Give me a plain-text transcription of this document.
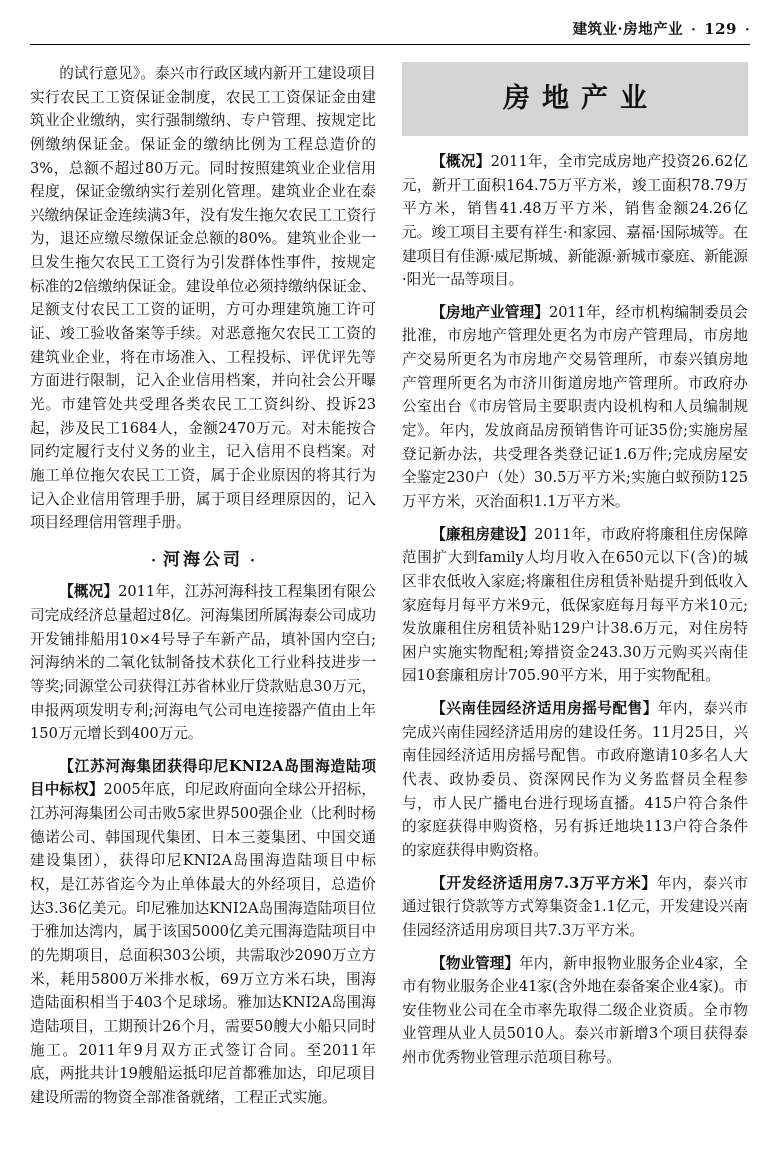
建筑业·房地产业 · 129 ·

的试行意见》。泰兴市行政区域内新开工建设项目实行农民工工资保证金制度，农民工工资保证金由建筑业企业缴纳，实行强制缴纳、专户管理、按规定比例缴纳保证金。保证金的缴纳比例为工程总造价的3%，总额不超过80万元。同时按照建筑业企业信用程度，保证金缴纳实行差别化管理。建筑业企业在泰兴缴纳保证金连续满3年，没有发生拖欠农民工工资行为，退还应缴尽缴保证金总额的80%。建筑业企业一旦发生拖欠农民工工资行为引发群体性事件，按规定标准的2倍缴纳保证金。建设单位必须持缴纳保证金、足额支付农民工工资的证明，方可办理建筑施工许可证、竣工验收备案等手续。对恶意拖欠农民工工资的建筑业企业，将在市场准入、工程投标、评优评先等方面进行限制，记入企业信用档案，并向社会公开曝光。市建管处共受理各类农民工工资纠纷、投诉23起，涉及民工1684人，金额2470万元。对未能按合同约定履行支付义务的业主，记入信用不良档案。对施工单位拖欠农民工工资，属于企业原因的将其行为记入企业信用管理手册，属于项目经理原因的，记入项目经理信用管理手册。

· 河海公司 ·

【概况】2011年，江苏河海科技工程集团有限公司完成经济总量超过8亿。河海集团所属海泰公司成功开发铺排船用10×4号导子车新产品，填补国内空白;河海纳米的二氧化钛制备技术获化工行业科技进步一等奖;同源堂公司获得江苏省林业厅贷款贴息30万元，申报两项发明专利;河海电气公司电连接器产值由上年150万元增长到400万元。

【江苏河海集团获得印尼KNI2A岛围海造陆项目中标权】2005年底，印尼政府面向全球公开招标，江苏河海集团公司击败5家世界500强企业（比利时杨德诺公司、韩国现代集团、日本三菱集团、中国交通建设集团），获得印尼KNI2A岛围海造陆项目中标权，是江苏省迄今为止单体最大的外经项目，总造价达3.36亿美元。印尼雅加达KNI2A岛围海造陆项目位于雅加达湾内，属于该国5000亿美元围海造陆项目中的先期项目，总面积303公顷，共需取沙2090万立方米，耗用5800万米排水板，69万立方米石块，围海造陆面积相当于403个足球场。雅加达KNI2A岛围海造陆项目，工期预计26个月，需要50艘大小船只同时施工。2011年9月双方正式签订合同。至2011年底，两批共计19艘船运抵印尼首都雅加达，印尼项目建设所需的物资全部准备就绪，工程正式实施。

房地产业

【概况】2011年，全市完成房地产投资26.62亿元，新开工面积164.75万平方米，竣工面积78.79万平方米，销售41.48万平方米，销售金额24.26亿元。竣工项目主要有祥生·和家园、嘉福·国际城等。在建项目有佳源·威尼斯城、新能源·新城市豪庭、新能源·阳光一品等项目。

【房地产业管理】2011年，经市机构编制委员会批准，市房地产管理处更名为市房产管理局，市房地产交易所更名为市房地产交易管理所，市泰兴镇房地产管理所更名为市济川街道房地产管理所。市政府办公室出台《市房管局主要职责内设机构和人员编制规定》。年内，发放商品房预销售许可证35份;实施房屋登记新办法，共受理各类登记证1.6万件;完成房屋安全鉴定230户（处）30.5万平方米;实施白蚁预防125万平方米，灭治面积1.1万平方米。

【廉租房建设】2011年，市政府将廉租住房保障范围扩大到family人均月收入在650元以下(含)的城区非农低收入家庭;将廉租住房租赁补贴提升到低收入家庭每月每平方米9元，低保家庭每月每平方米10元;发放廉租住房租赁补贴129户计38.6万元，对住房特困户实施实物配租;筹措资金243.30万元购买兴南佳园10套廉租房计705.90平方米，用于实物配租。

【兴南佳园经济适用房摇号配售】年内，泰兴市完成兴南佳园经济适用房的建设任务。11月25日，兴南佳园经济适用房摇号配售。市政府邀请10多名人大代表、政协委员、资深网民作为义务监督员全程参与，市人民广播电台进行现场直播。415户符合条件的家庭获得申购资格，另有拆迁地块113户符合条件的家庭获得申购资格。

【开发经济适用房7.3万平方米】年内，泰兴市通过银行贷款等方式筹集资金1.1亿元，开发建设兴南佳园经济适用房项目共7.3万平方米。

【物业管理】年内，新申报物业服务企业4家，全市有物业服务企业41家(含外地在泰备案企业4家)。市安佳物业公司在全市率先取得二级企业资质。全市物业管理从业人员5010人。泰兴市新增3个项目获得泰州市优秀物业管理示范项目称号。
